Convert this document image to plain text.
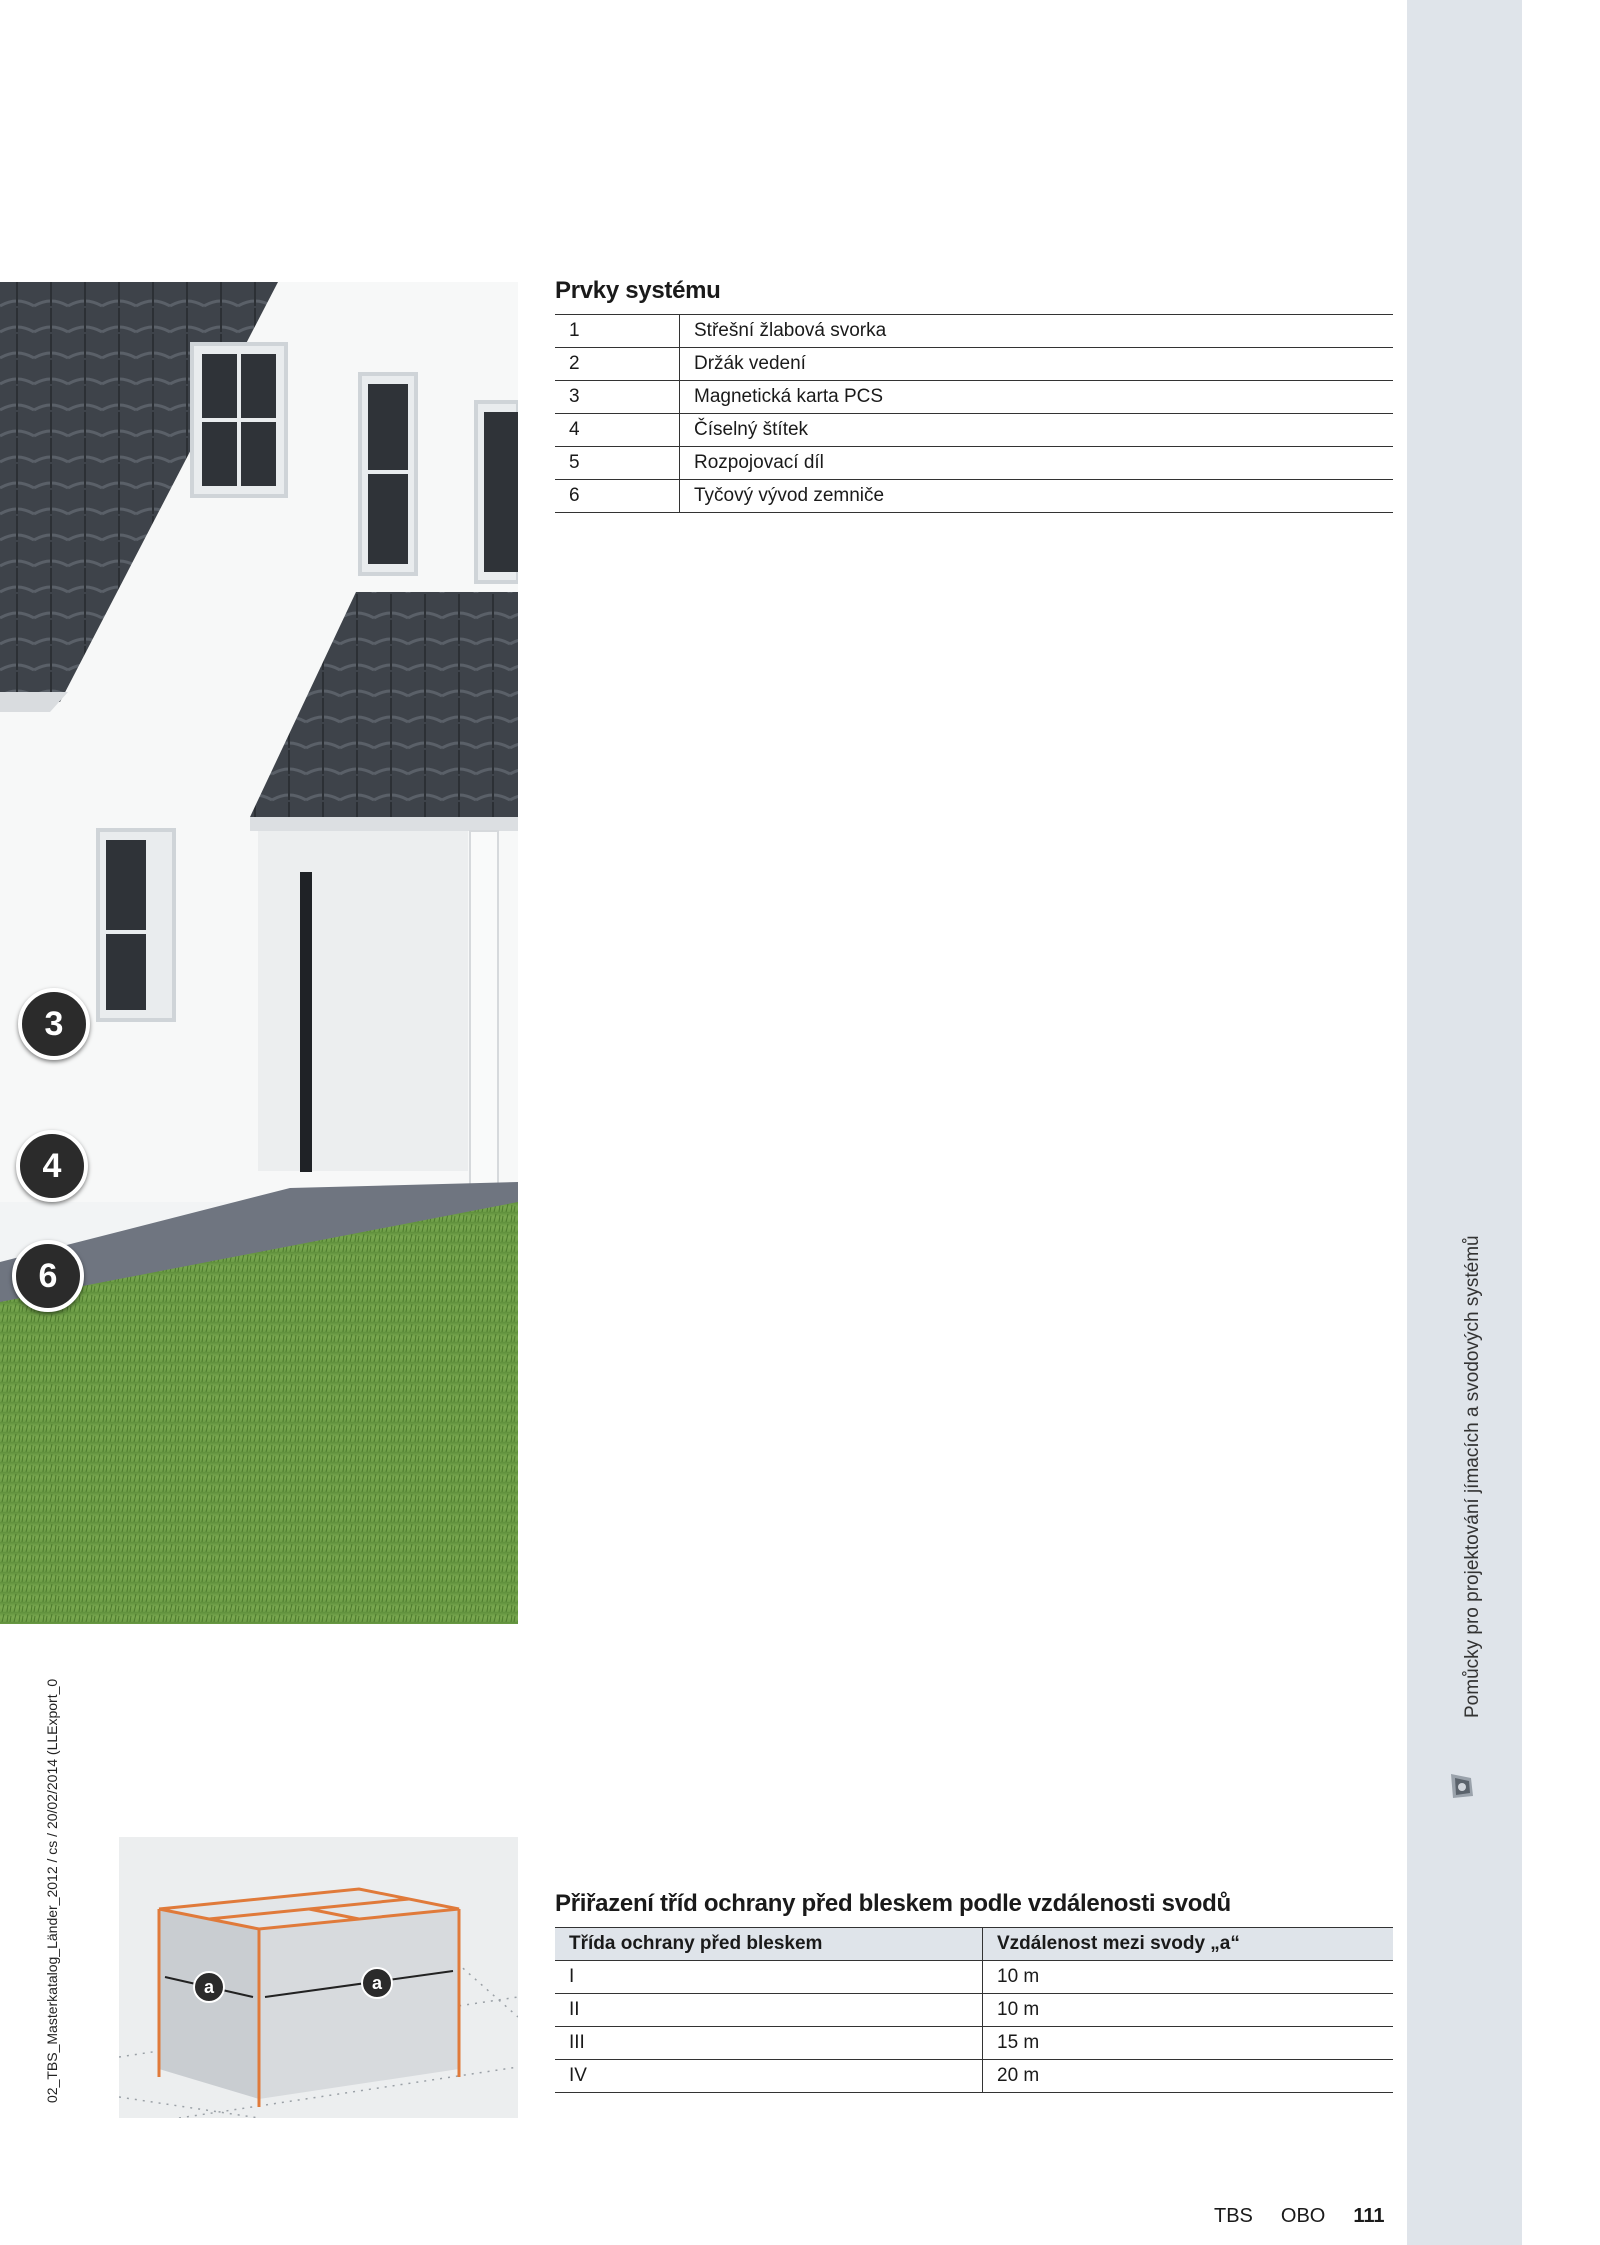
Pomůcky pro projektování jímacích a svodových systémů
02_TBS_Masterkatalog_Länder_2012 / cs / 20/02/2014 (LLExport_0
3
4
6
Prvky systému
1	Střešní žlabová svorka
2	Držák vedení
3	Magnetická karta PCS
4	Číselný štítek
5	Rozpojovací díl
6	Tyčový vývod zemniče
a	a
Přiřazení tříd ochrany před bleskem podle vzdálenosti svodů
Třída ochrany před bleskem	Vzdálenost mezi svody „a“
I	10 m
II	10 m
III	15 m
IV	20 m
TBS OBO 111
